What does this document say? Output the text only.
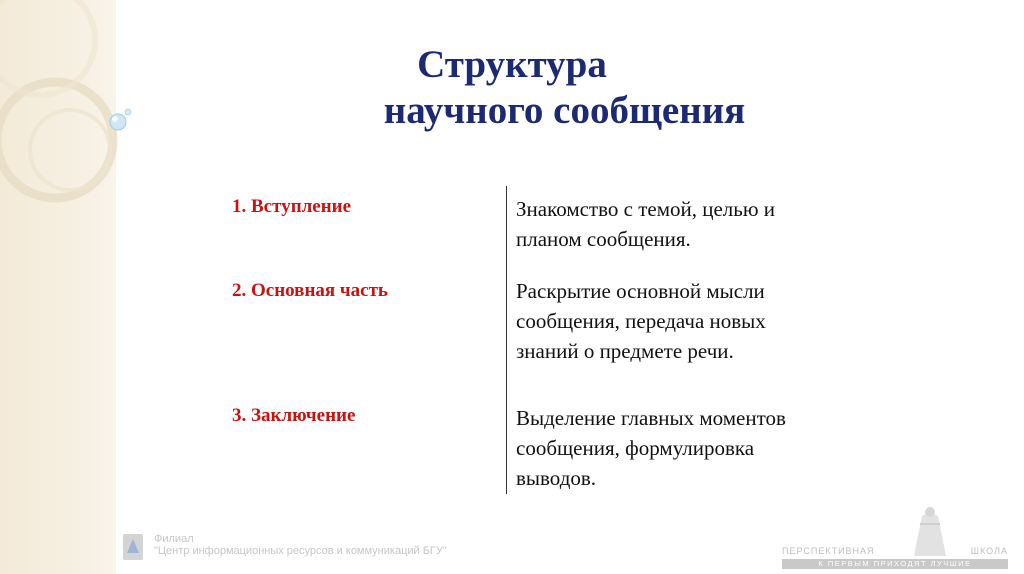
Структура
научного сообщения
1. Вступление	Знакомство с темой, целью и
планом сообщения.
2. Основная часть	Раскрытие основной мысли
сообщения, передача новых
знаний о предмете речи.
3. Заключение	Выделение главных моментов
сообщения, формулировка
выводов.
Филиал
"Центр информационных ресурсов и коммуникаций БГУ"	ПЕРСПЕКТИВНАЯ	ШКОЛА
К ПЕРВЫМ ПРИХОДЯТ ЛУЧШИЕ
